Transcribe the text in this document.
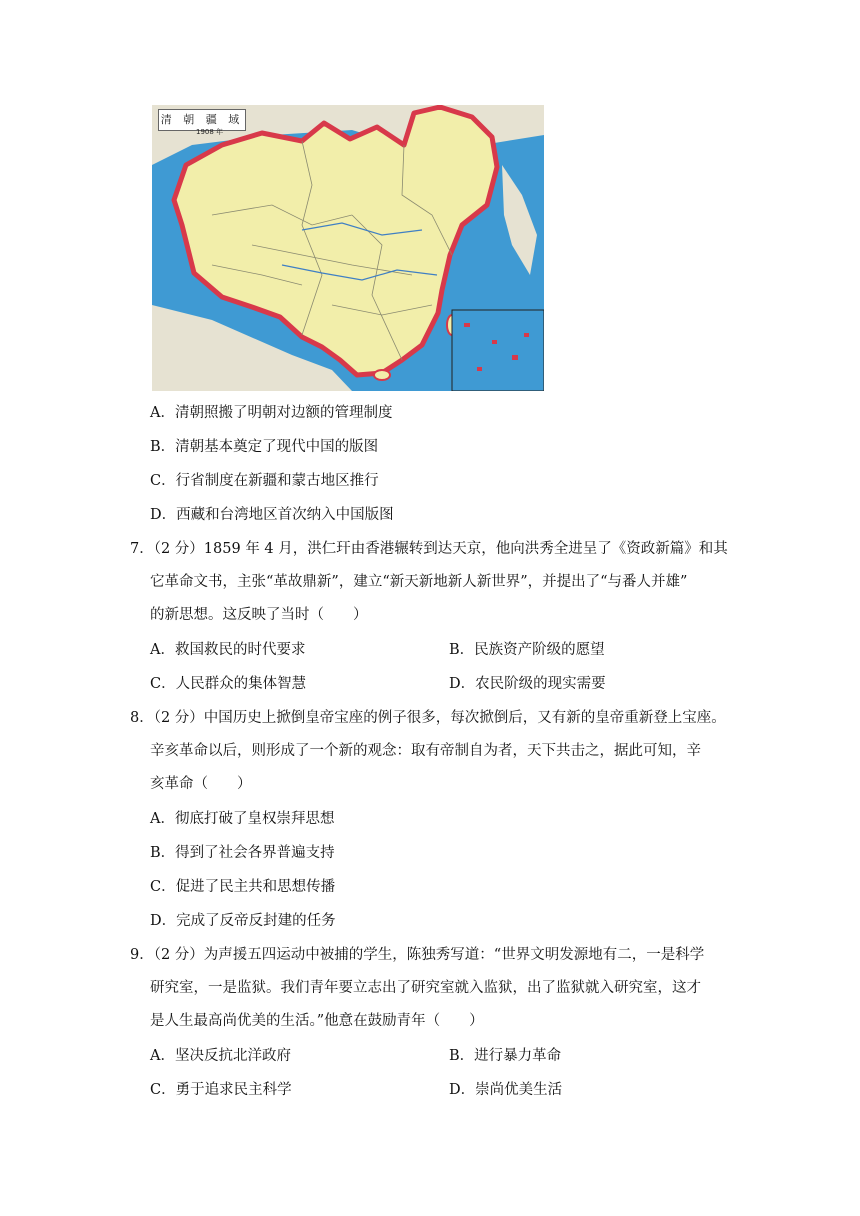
清 朝 疆 域
1908 年
A．清朝照搬了明朝对边额的管理制度
B．清朝基本奠定了现代中国的版图
C．行省制度在新疆和蒙古地区推行
D．西藏和台湾地区首次纳入中国版图
7．（2 分）1859 年 4 月，洪仁玕由香港辗转到达天京，他向洪秀全进呈了《资政新篇》和其
它革命文书，主张“革故鼎新”，建立“新天新地新人新世界”，并提出了“与番人并雄”
的新思想。这反映了当时（　　）
A．救国救民的时代要求	B．民族资产阶级的愿望
C．人民群众的集体智慧	D．农民阶级的现实需要
8．（2 分）中国历史上掀倒皇帝宝座的例子很多，每次掀倒后，又有新的皇帝重新登上宝座。
辛亥革命以后，则形成了一个新的观念：取有帝制自为者，天下共击之，据此可知，辛
亥革命（　　）
A．彻底打破了皇权崇拜思想
B．得到了社会各界普遍支持
C．促进了民主共和思想传播
D．完成了反帝反封建的任务
9．（2 分）为声援五四运动中被捕的学生，陈独秀写道：“世界文明发源地有二，一是科学
研究室，一是监狱。我们青年要立志出了研究室就入监狱，出了监狱就入研究室，这才
是人生最高尚优美的生活。”他意在鼓励青年（　　）
A．坚决反抗北洋政府	B．进行暴力革命
C．勇于追求民主科学	D．崇尚优美生活
